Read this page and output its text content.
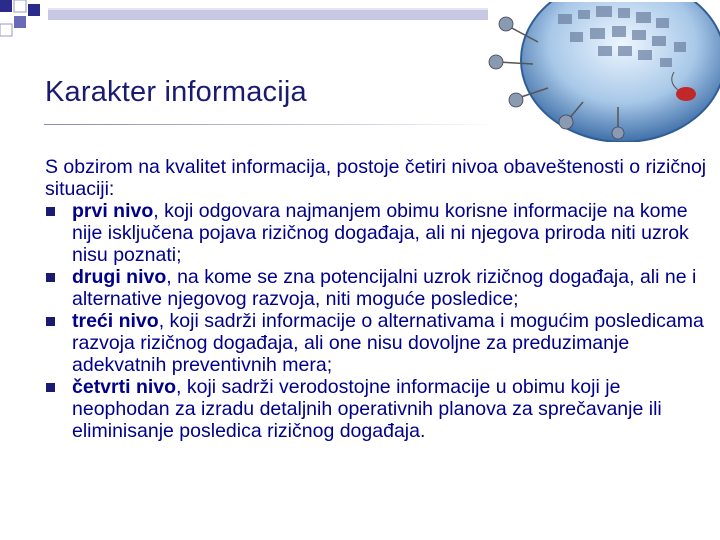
Karakter informacija

S obzirom na kvalitet informacija, postoje četiri nivoa obaveštenosti o rizičnoj situaciji:

prvi nivo, koji odgovara najmanjem obimu korisne informacije na kome nije isključena pojava rizičnog događaja, ali ni njegova priroda niti uzrok nisu poznati;
drugi nivo, na kome se zna potencijalni uzrok rizičnog događaja, ali ne i alternative njegovog razvoja, niti moguće posledice;
treći nivo, koji sadrži informacije o alternativama i mogućim posledicama razvoja rizičnog događaja, ali one nisu dovoljne za preduzimanje adekvatnih preventivnih mera;
četvrti nivo, koji sadrži verodostojne informacije u obimu koji je neophodan za izradu detaljnih operativnih planova za sprečavanje ili eliminisanje posledica rizičnog događaja.
